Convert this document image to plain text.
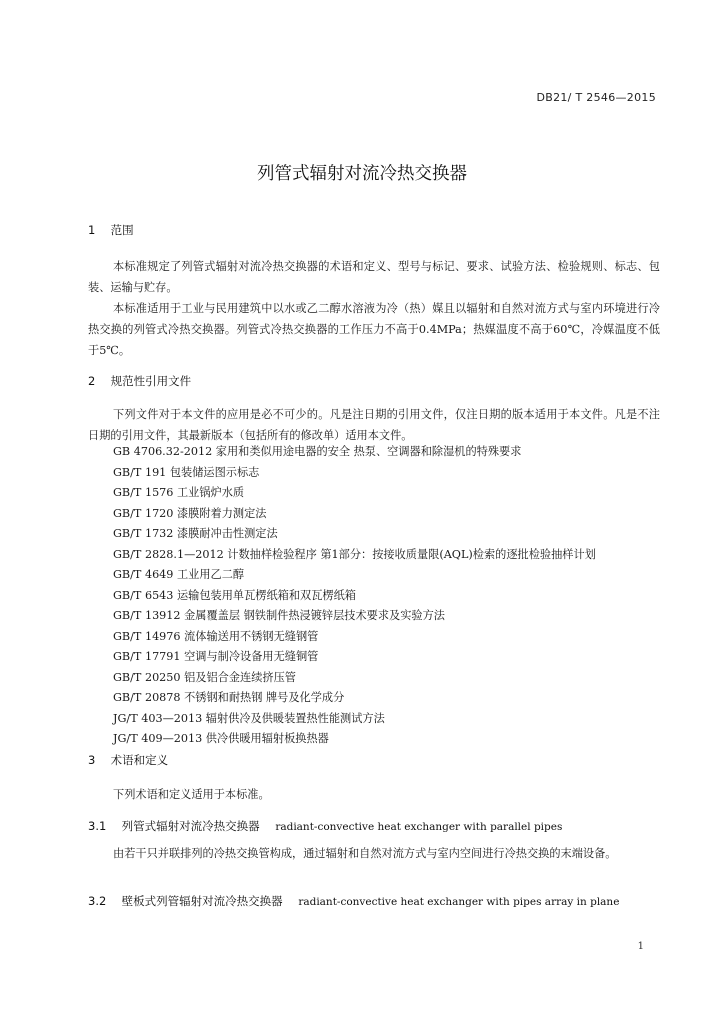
DB21/ T 2546—2015
列管式辐射对流冷热交换器
1 范围

本标准规定了列管式辐射对流冷热交换器的术语和定义、型号与标记、要求、试验方法、检验规则、标志、包装、运输与贮存。

本标准适用于工业与民用建筑中以水或乙二醇水溶液为冷（热）媒且以辐射和自然对流方式与室内环境进行冷热交换的列管式冷热交换器。列管式冷热交换器的工作压力不高于0.4MPa；热媒温度不高于60℃，冷媒温度不低于5℃。

2 规范性引用文件

下列文件对于本文件的应用是必不可少的。凡是注日期的引用文件，仅注日期的版本适用于本文件。凡是不注日期的引用文件，其最新版本（包括所有的修改单）适用本文件。

GB 4706.32-2012 家用和类似用途电器的安全 热泵、空调器和除湿机的特殊要求
GB/T 191 包装储运图示标志
GB/T 1576 工业锅炉水质
GB/T 1720 漆膜附着力测定法
GB/T 1732 漆膜耐冲击性测定法
GB/T 2828.1—2012 计数抽样检验程序 第1部分：按接收质量限(AQL)检索的逐批检验抽样计划
GB/T 4649 工业用乙二醇
GB/T 6543 运输包装用单瓦楞纸箱和双瓦楞纸箱
GB/T 13912 金属覆盖层 钢铁制件热浸镀锌层技术要求及实验方法
GB/T 14976 流体输送用不锈钢无缝钢管
GB/T 17791 空调与制冷设备用无缝铜管
GB/T 20250 铝及铝合金连续挤压管
GB/T 20878 不锈钢和耐热钢 牌号及化学成分
JG/T 403—2013 辐射供冷及供暖装置热性能测试方法
JG/T 409—2013 供冷供暖用辐射板换热器
3 术语和定义

下列术语和定义适用于本标准。

3.1 列管式辐射对流冷热交换器 radiant-convective heat exchanger with parallel pipes

由若干只并联排列的冷热交换管构成，通过辐射和自然对流方式与室内空间进行冷热交换的末端设备。

3.2 壁板式列管辐射对流冷热交换器 radiant-convective heat exchanger with pipes array in plane
1
